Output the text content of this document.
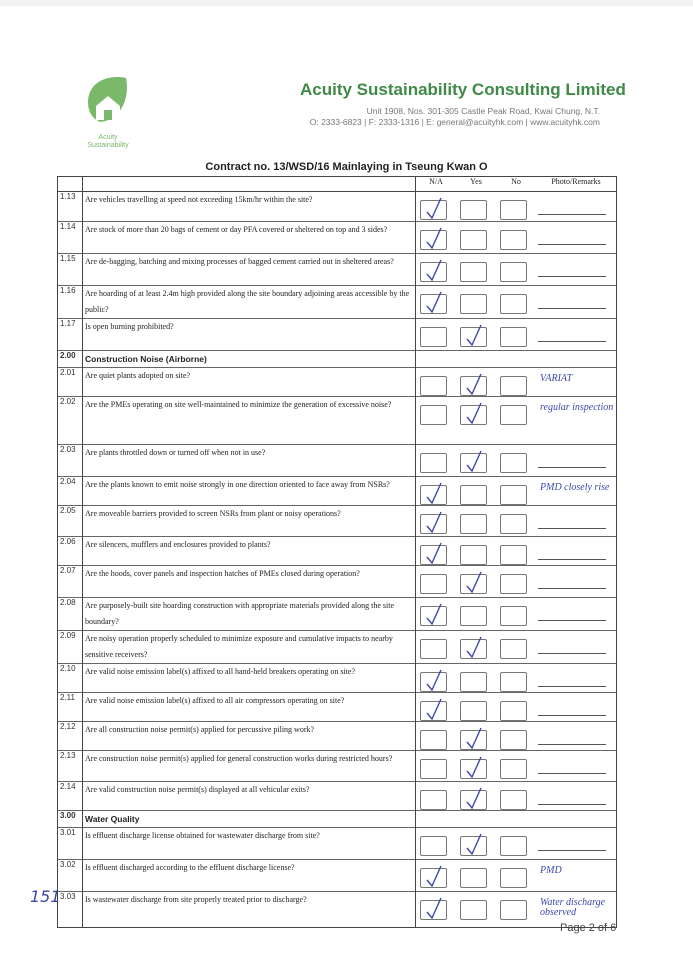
Acuity
Sustainability
Acuity Sustainability Consulting Limited
Unit 1908, Nos. 301-305 Castle Peak Road, Kwai Chung, N.T.
O: 2333-6823 | F: 2333-1316 | E: general@acuityhk.com | www.acuityhk.com
Contract no. 13/WSD/16 Mainlaying in Tseung Kwan O
		N/A	Yes	No	Photo/Remarks
1.13	Are vehicles travelling at speed not exceeding 15km/hr within the site?	

1.14	Are stock of more than 20 bags of cement or day PFA covered or sheltered on top and 3 sides?	

1.15	Are de-bagging, batching and mixing processes of bagged cement carried out in sheltered areas?	

1.16	Are hoarding of at least 2.4m high provided along the site boundary adjoining areas accessible by the public?	

1.17	Is open burning prohibited?	

2.00	Construction Noise (Airborne)				
2.01	Are quiet plants adopted on site?				VARIAT

2.02	Are the PMEs operating on site well-maintained to minimize the generation of excessive noise?				regular inspection

2.03	Are plants throttled down or turned off when not in use?	

2.04	Are the plants known to emit noise strongly in one direction oriented to face away from NSRs?				PMD closely rise

2.05	Are moveable barriers provided to screen NSRs from plant or noisy operations?	

2.06	Are silencers, mufflers and enclosures provided to plants?	

2.07	Are the hoods, cover panels and inspection hatches of PMEs closed during operation?	

2.08	Are purposely-built site hoarding construction with appropriate materials provided along the site boundary?	

2.09	Are noisy operation properly scheduled to minimize exposure and cumulative impacts to nearby sensitive receivers?	

2.10	Are valid noise emission label(s) affixed to all hand-held breakers operating on site?	

2.11	Are valid noise emission label(s) affixed to all air compressors operating on site?	

2.12	Are all construction noise permit(s) applied for percussive piling work?	

2.13	Are construction noise permit(s) applied for general construction works during restricted hours?	

2.14	Are valid construction noise permit(s) displayed at all vehicular exits?	

3.00	Water Quality				
3.01	Is effluent discharge license obtained for wastewater discharge from site?	

3.02	Is effluent discharged according to the effluent discharge license?				PMD

3.03	Is wastewater discharge from site properly treated prior to discharge?				Water discharge observed
151
Page 2 of 6
